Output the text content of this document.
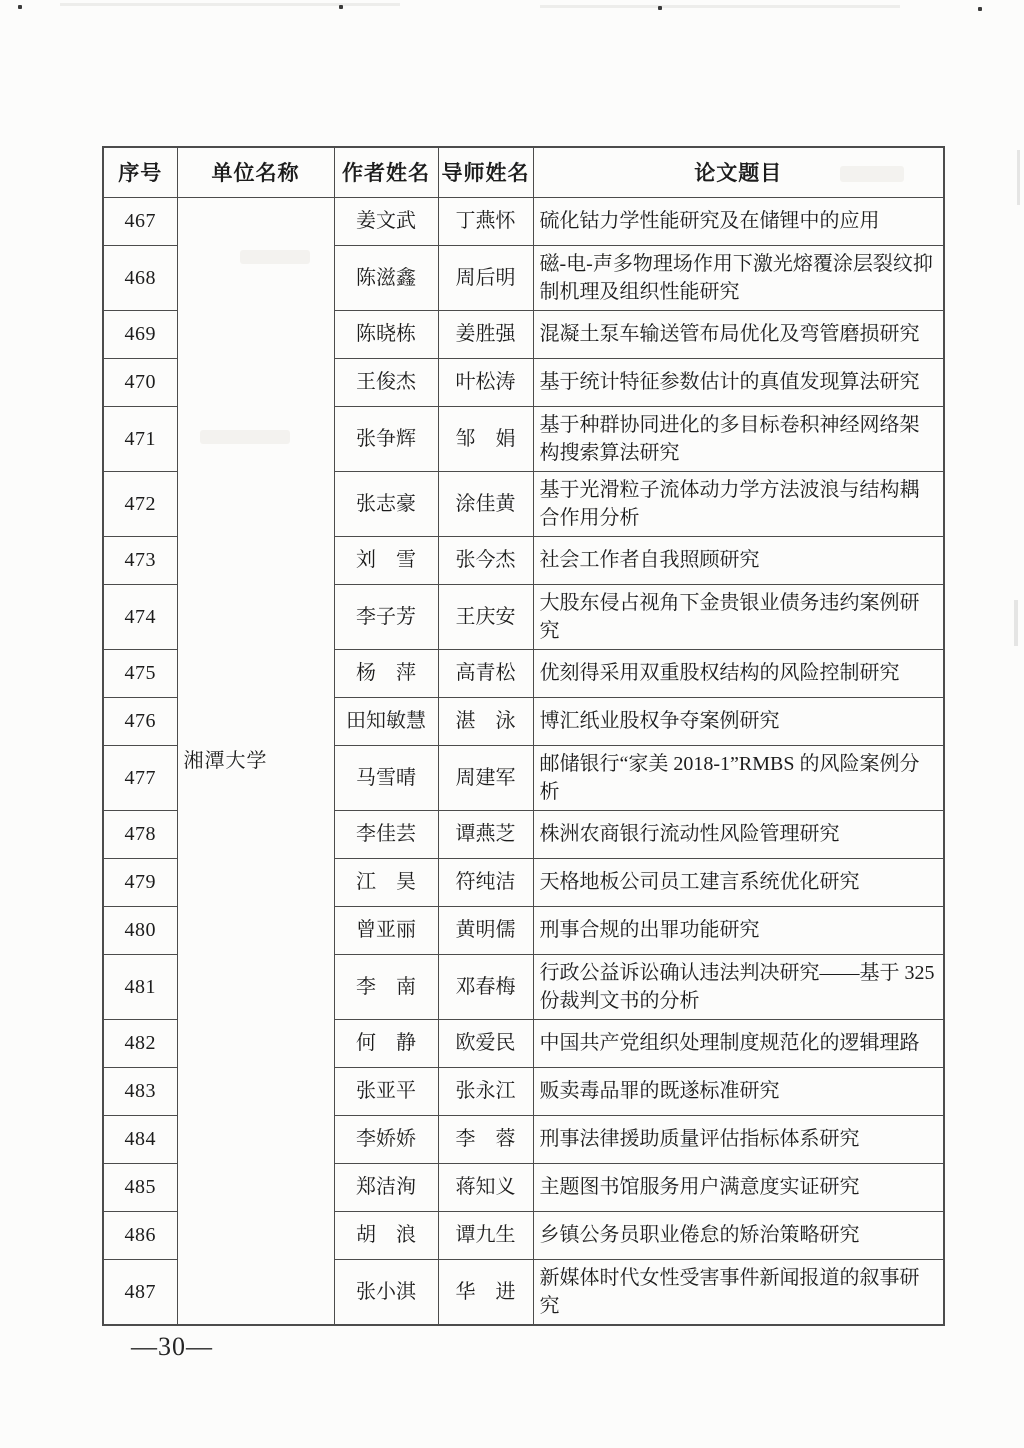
序号	单位名称	作者姓名	导师姓名	论文题目
467	湘潭大学	姜文武	丁燕怀	硫化钴力学性能研究及在储锂中的应用
468		陈滋鑫	周后明	磁-电-声多物理场作用下激光熔覆涂层裂纹抑制机理及组织性能研究
469		陈晓栋	姜胜强	混凝土泵车输送管布局优化及弯管磨损研究
470		王俊杰	叶松涛	基于统计特征参数估计的真值发现算法研究
471		张争辉	邹　娟	基于种群协同进化的多目标卷积神经网络架构搜索算法研究
472		张志豪	涂佳黄	基于光滑粒子流体动力学方法波浪与结构耦合作用分析
473		刘　雪	张今杰	社会工作者自我照顾研究
474		李子芳	王庆安	大股东侵占视角下金贵银业债务违约案例研究
475		杨　萍	高青松	优刻得采用双重股权结构的风险控制研究
476		田知敏慧	湛　泳	博汇纸业股权争夺案例研究
477		马雪晴	周建军	邮储银行“家美 2018-1”RMBS 的风险案例分析
478		李佳芸	谭燕芝	株洲农商银行流动性风险管理研究
479		江　昊	符纯洁	天格地板公司员工建言系统优化研究
480		曾亚丽	黄明儒	刑事合规的出罪功能研究
481		李　南	邓春梅	行政公益诉讼确认违法判决研究——基于 325 份裁判文书的分析
482		何　静	欧爱民	中国共产党组织处理制度规范化的逻辑理路
483		张亚平	张永江	贩卖毒品罪的既遂标准研究
484		李娇娇	李　蓉	刑事法律援助质量评估指标体系研究
485		郑洁洵	蒋知义	主题图书馆服务用户满意度实证研究
486		胡　浪	谭九生	乡镇公务员职业倦怠的矫治策略研究
487		张小淇	华　进	新媒体时代女性受害事件新闻报道的叙事研究
—30—
